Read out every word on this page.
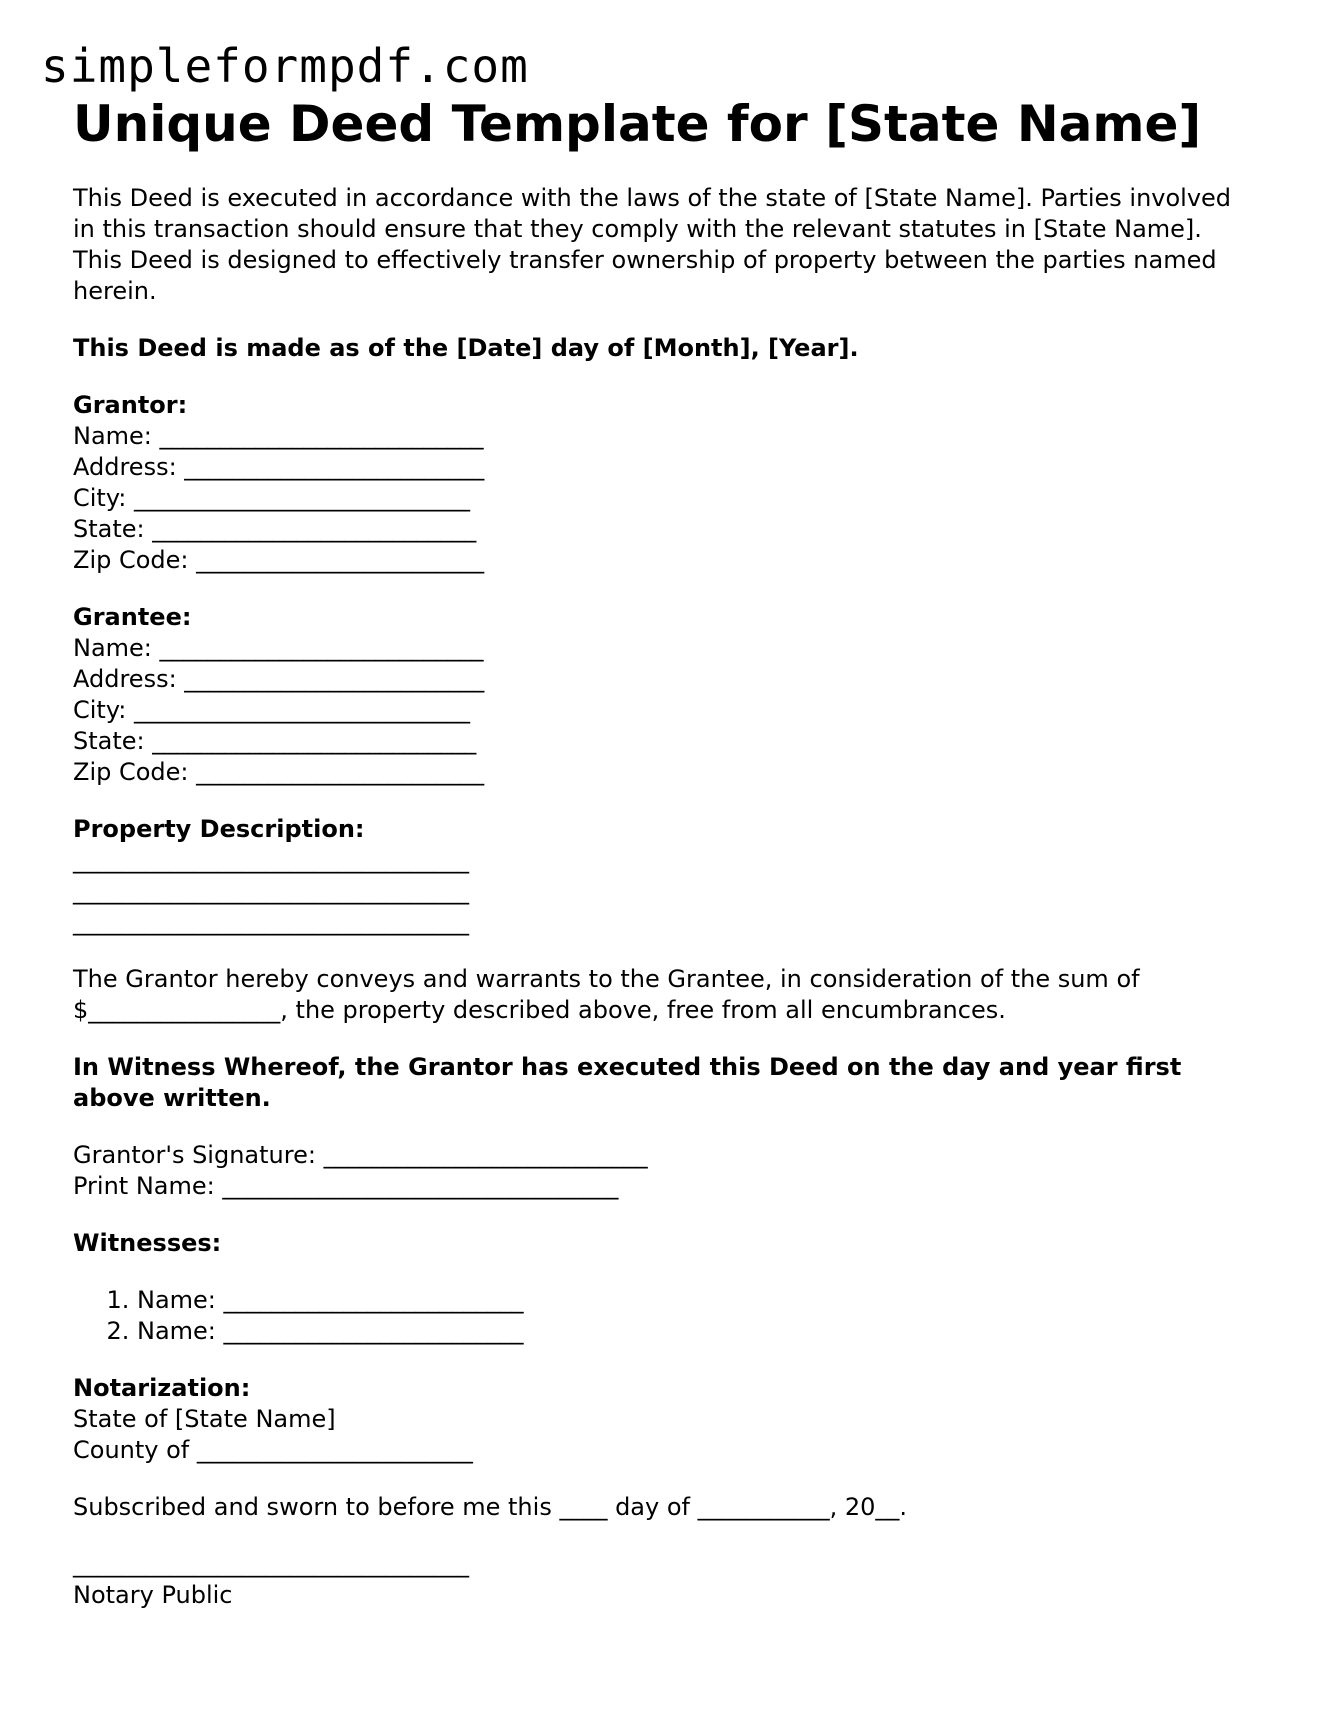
simpleformpdf.com
Unique Deed Template for [State Name]

This Deed is executed in accordance with the laws of the state of [State Name]. Parties involved in this transaction should ensure that they comply with the relevant statutes in [State Name]. This Deed is designed to effectively transfer ownership of property between the parties named herein.

This Deed is made as of the [Date] day of [Month], [Year].

Grantor:
Name: ___________________________
Address: _________________________
City: ____________________________
State: ___________________________
Zip Code: ________________________
Grantee:
Name: ___________________________
Address: _________________________
City: ____________________________
State: ___________________________
Zip Code: ________________________
Property Description:
_________________________________
_________________________________
_________________________________

The Grantor hereby conveys and warrants to the Grantee, in consideration of the sum of $________________, the property described above, free from all encumbrances.

In Witness Whereof, the Grantor has executed this Deed on the day and year first above written.

Grantor's Signature: ___________________________
Print Name: _________________________________
Witnesses:
1. Name: _________________________
2. Name: _________________________
Notarization:
State of [State Name]
County of _______________________

Subscribed and sworn to before me this ____ day of ___________, 20__.

_________________________________
Notary Public
